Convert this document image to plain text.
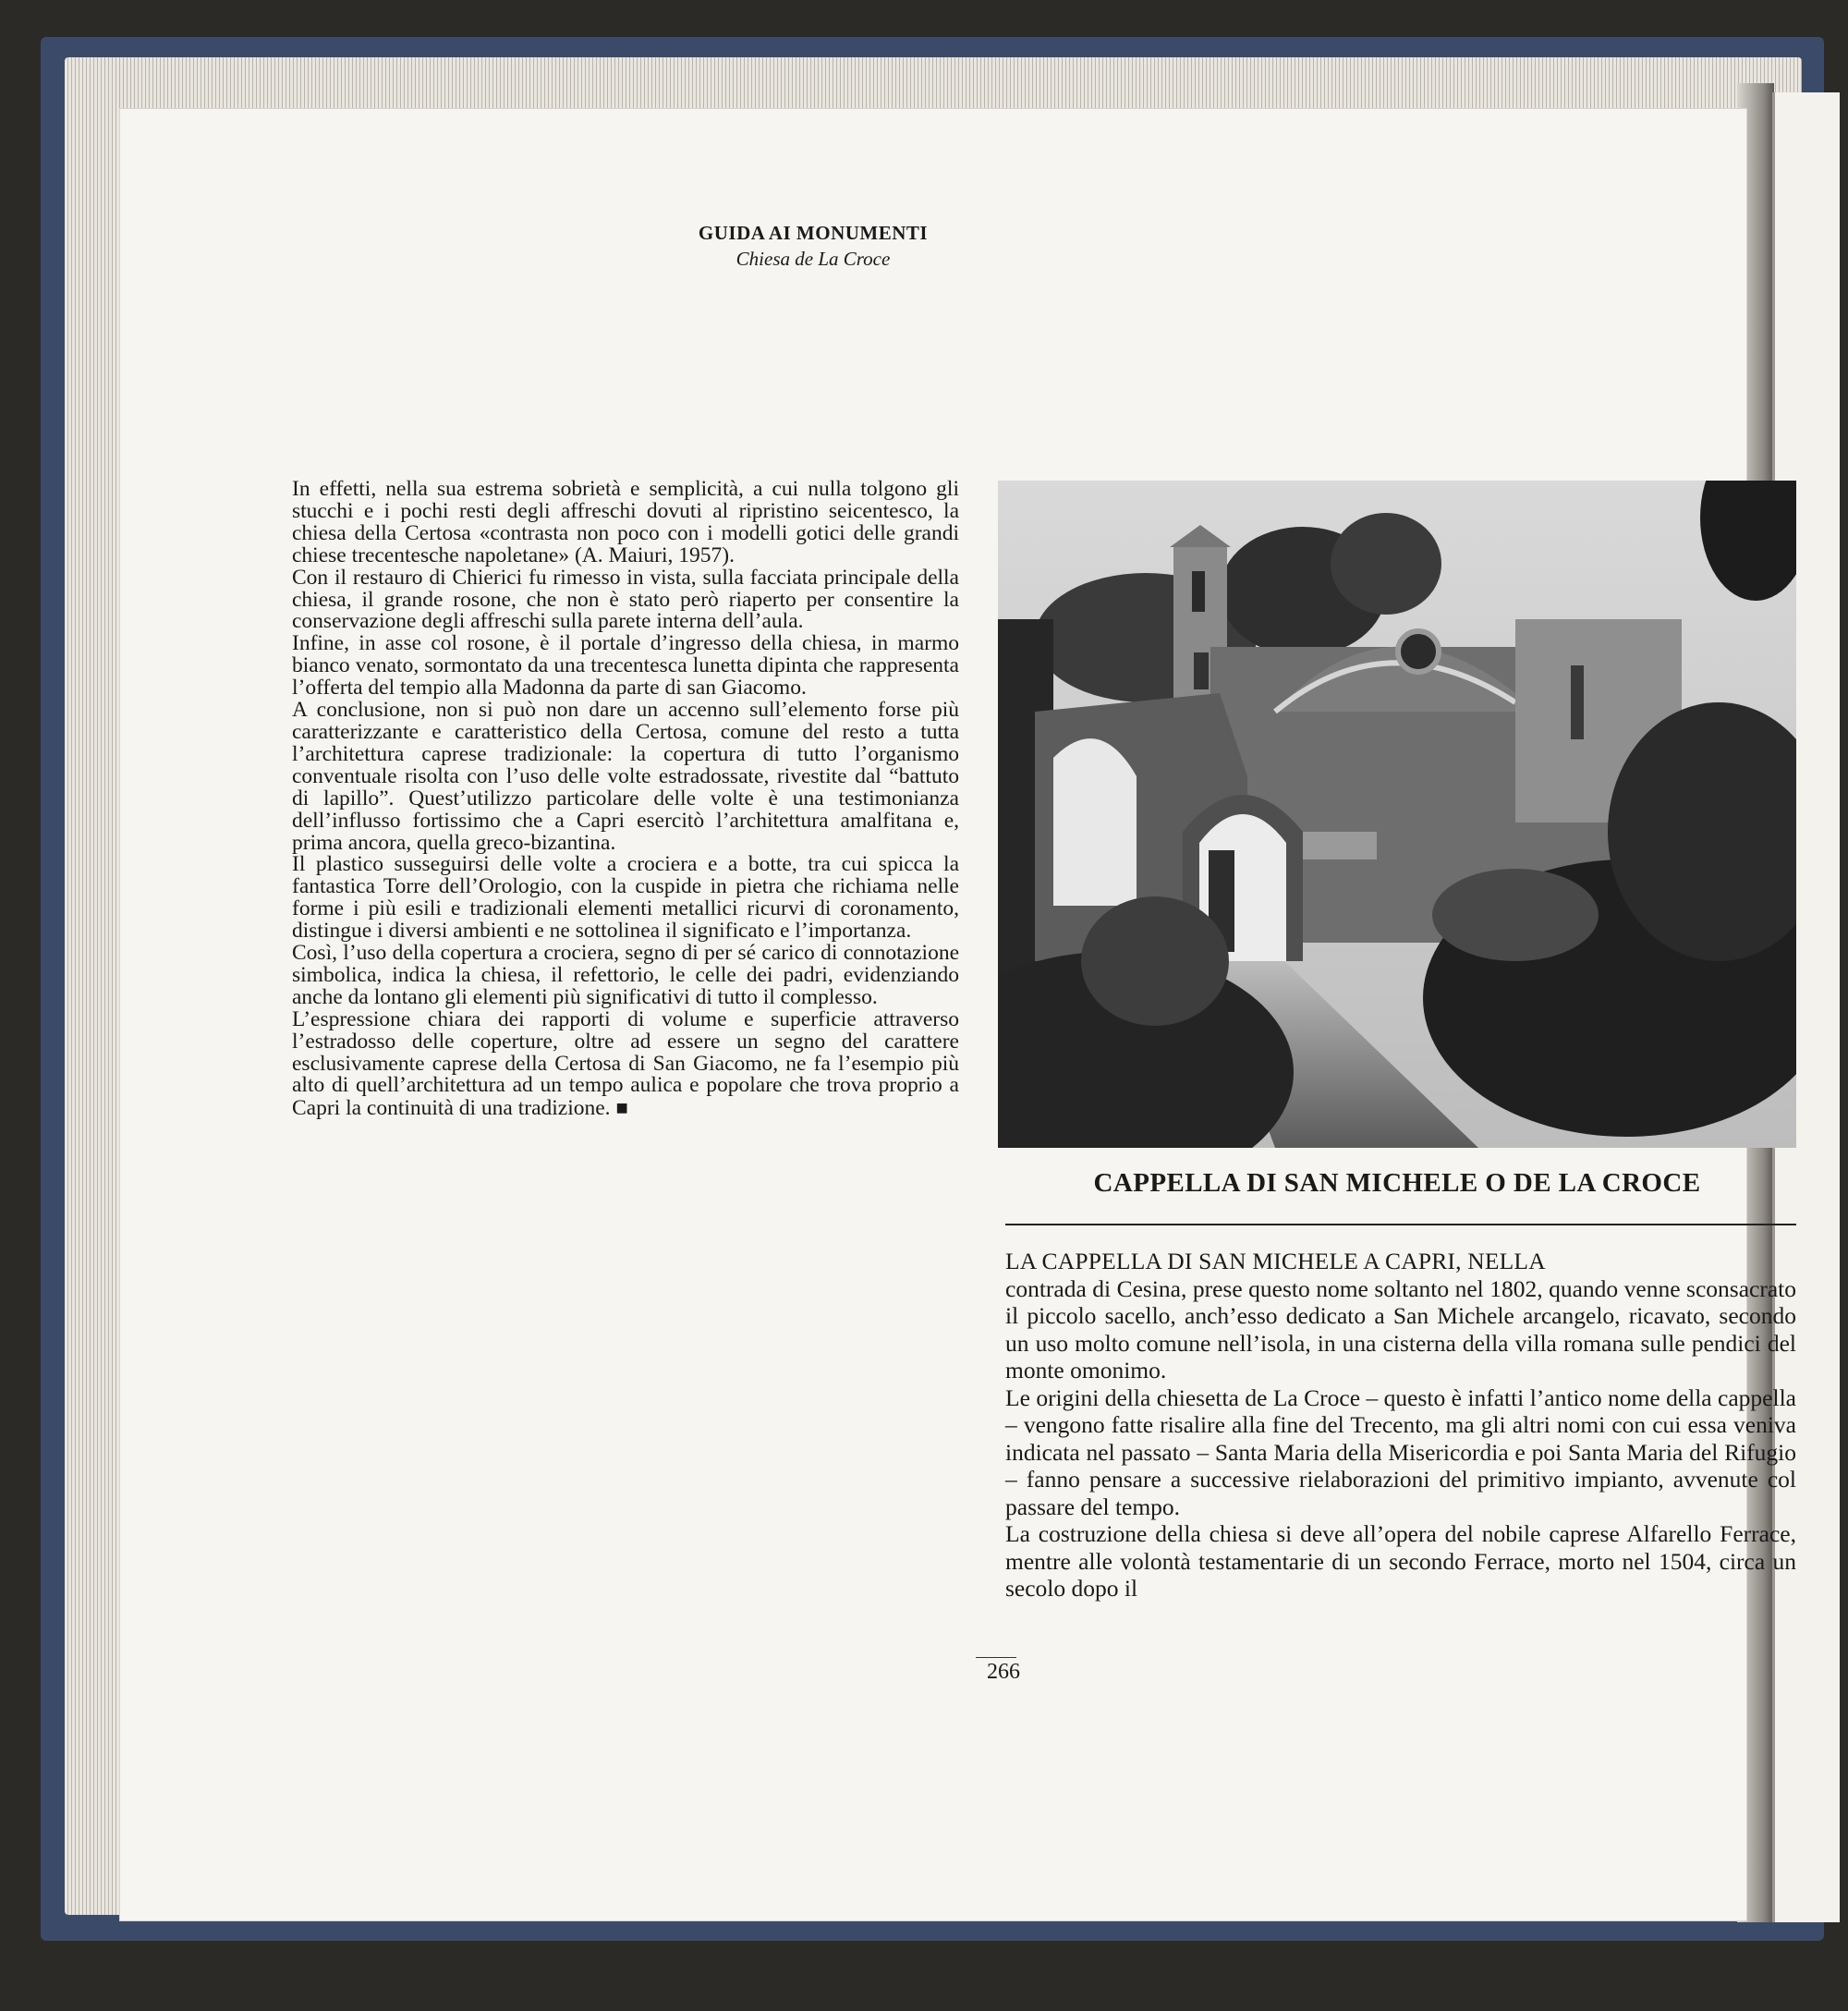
GUIDA AI MONUMENTI
Chiesa de La Croce

In effetti, nella sua estrema sobrietà e semplicità, a cui nulla tolgono gli stucchi e i pochi resti degli affreschi dovuti al ripristino seicentesco, la chiesa della Certosa «contrasta non poco con i modelli gotici delle grandi chiese trecentesche napoletane» (A. Maiuri, 1957).

Con il restauro di Chierici fu rimesso in vista, sulla facciata principale della chiesa, il grande rosone, che non è stato però riaperto per consentire la conservazione degli affreschi sulla parete interna dell’aula.

Infine, in asse col rosone, è il portale d’ingresso della chiesa, in marmo bianco venato, sormontato da una trecentesca lunetta dipinta che rappresenta l’offerta del tempio alla Madonna da parte di san Giacomo.

A conclusione, non si può non dare un accenno sull’elemento forse più caratterizzante e caratteristico della Certosa, comune del resto a tutta l’architettura caprese tradizionale: la copertura di tutto l’organismo conventuale risolta con l’uso delle volte estradossate, rivestite dal “battuto di lapillo”. Quest’utilizzo particolare delle volte è una testimonianza dell’influsso fortissimo che a Capri esercitò l’architettura amalfitana e, prima ancora, quella greco-bizantina.

Il plastico susseguirsi delle volte a crociera e a botte, tra cui spicca la fantastica Torre dell’Orologio, con la cuspide in pietra che richiama nelle forme i più esili e tradizionali elementi metallici ricurvi di coronamento, distingue i diversi ambienti e ne sottolinea il significato e l’importanza.

Così, l’uso della copertura a crociera, segno di per sé carico di connotazione simbolica, indica la chiesa, il refettorio, le celle dei padri, evidenziando anche da lontano gli elementi più significativi di tutto il complesso.

L’espressione chiara dei rapporti di volume e superficie attraverso l’estradosso delle coperture, oltre ad essere un segno del carattere esclusivamente caprese della Certosa di San Giacomo, ne fa l’esempio più alto di quell’architettura ad un tempo aulica e popolare che trova proprio a Capri la continuità di una tradizione. ■

CAPPELLA DI SAN MICHELE O DE LA CROCE

LA CAPPELLA DI SAN MICHELE A CAPRI, NELLA

contrada di Cesina, prese questo nome soltanto nel 1802, quando venne sconsacrato il piccolo sacello, anch’esso dedicato a San Michele arcangelo, ricavato, secondo un uso molto comune nell’isola, in una cisterna della villa romana sulle pendici del monte omonimo.

Le origini della chiesetta de La Croce – questo è infatti l’antico nome della cappella – vengono fatte risalire alla fine del Trecento, ma gli altri nomi con cui essa veniva indicata nel passato – Santa Maria della Misericordia e poi Santa Maria del Rifugio – fanno pensare a successive rielaborazioni del primitivo impianto, avvenute col passare del tempo.

La costruzione della chiesa si deve all’opera del nobile caprese Alfarello Ferrace, mentre alle volontà testamentarie di un secondo Ferrace, morto nel 1504, circa un secolo dopo il

266
